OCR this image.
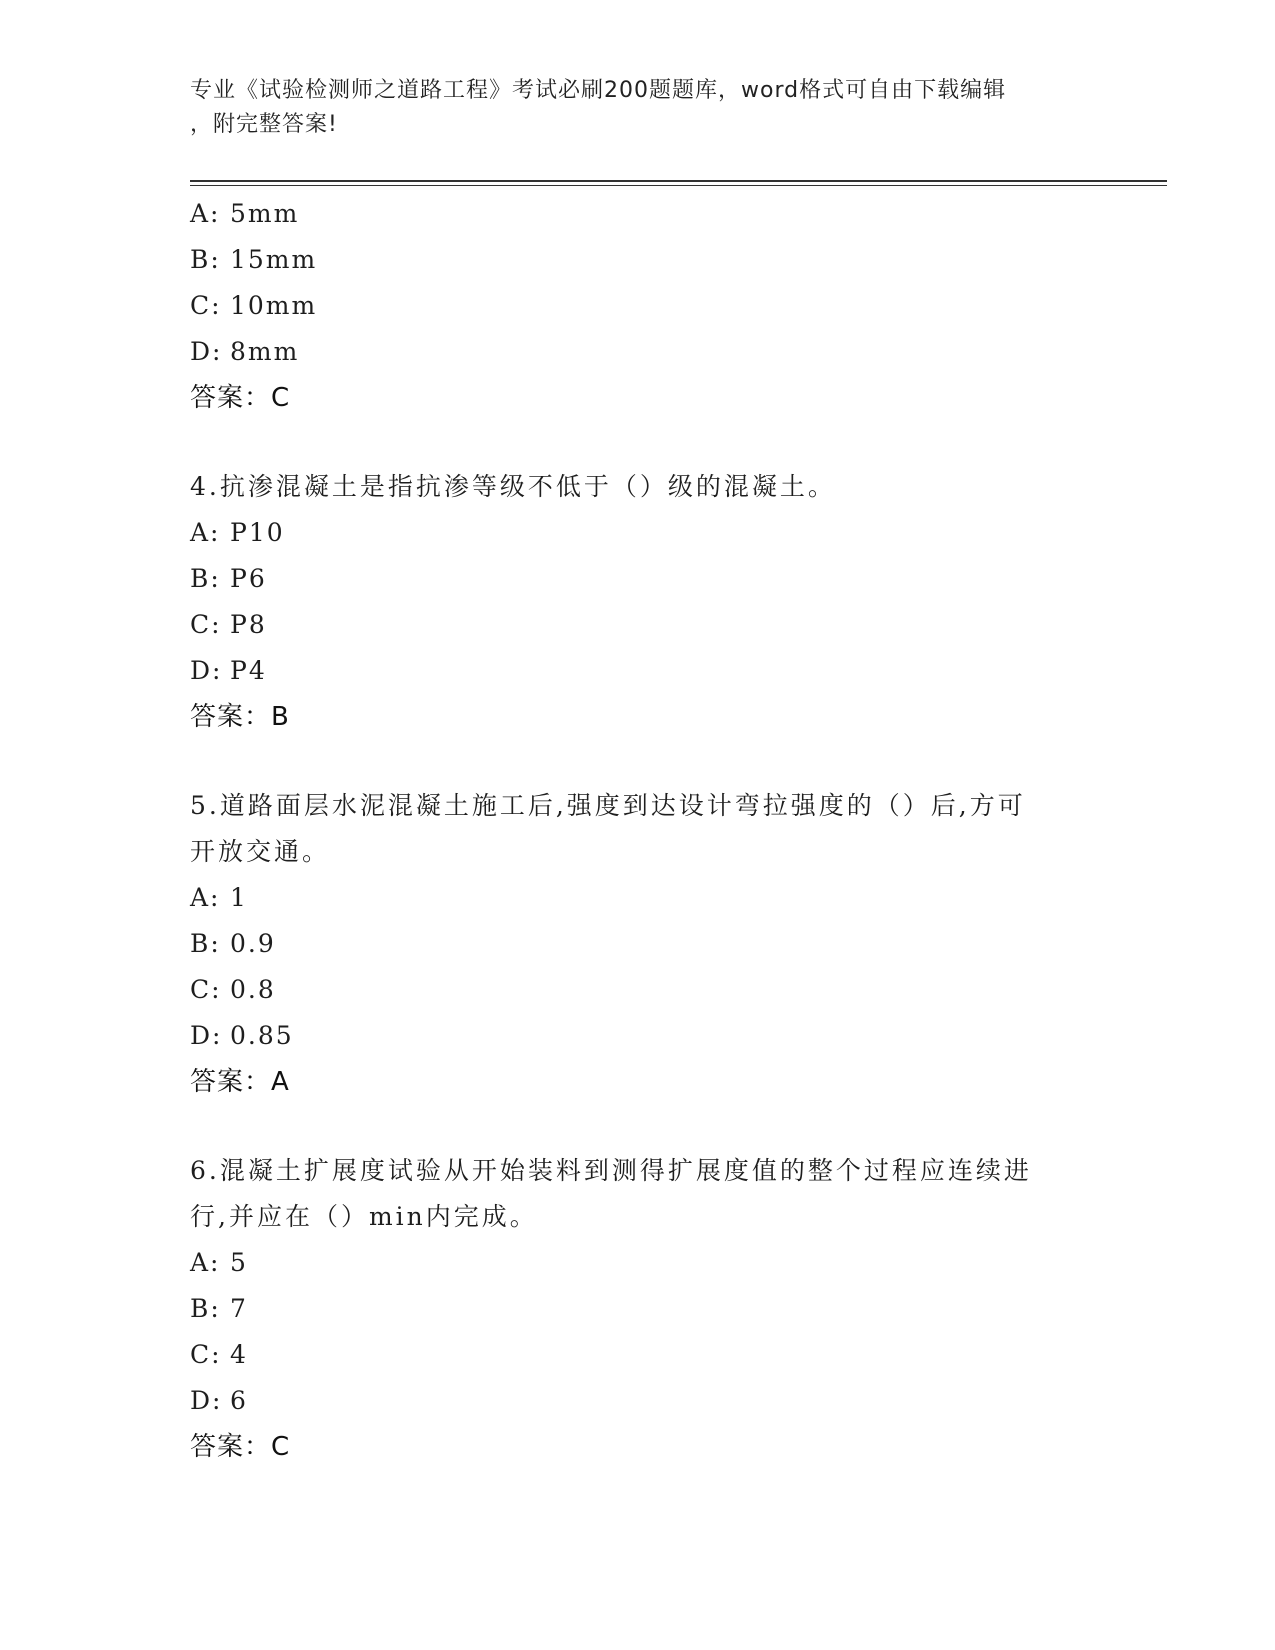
专业《试验检测师之道路工程》考试必刷200题题库，word格式可自由下载编辑
，附完整答案!
A: 5mm
B: 15mm
C: 10mm
D: 8mm
答案：C
4.抗渗混凝土是指抗渗等级不低于（）级的混凝土。
A: P10
B: P6
C: P8
D: P4
答案：B
5.道路面层水泥混凝土施工后,强度到达设计弯拉强度的（）后,方可
开放交通。
A: 1
B: 0.9
C: 0.8
D: 0.85
答案：A
6.混凝土扩展度试验从开始装料到测得扩展度值的整个过程应连续进
行,并应在（）min内完成。
A: 5
B: 7
C: 4
D: 6
答案：C
